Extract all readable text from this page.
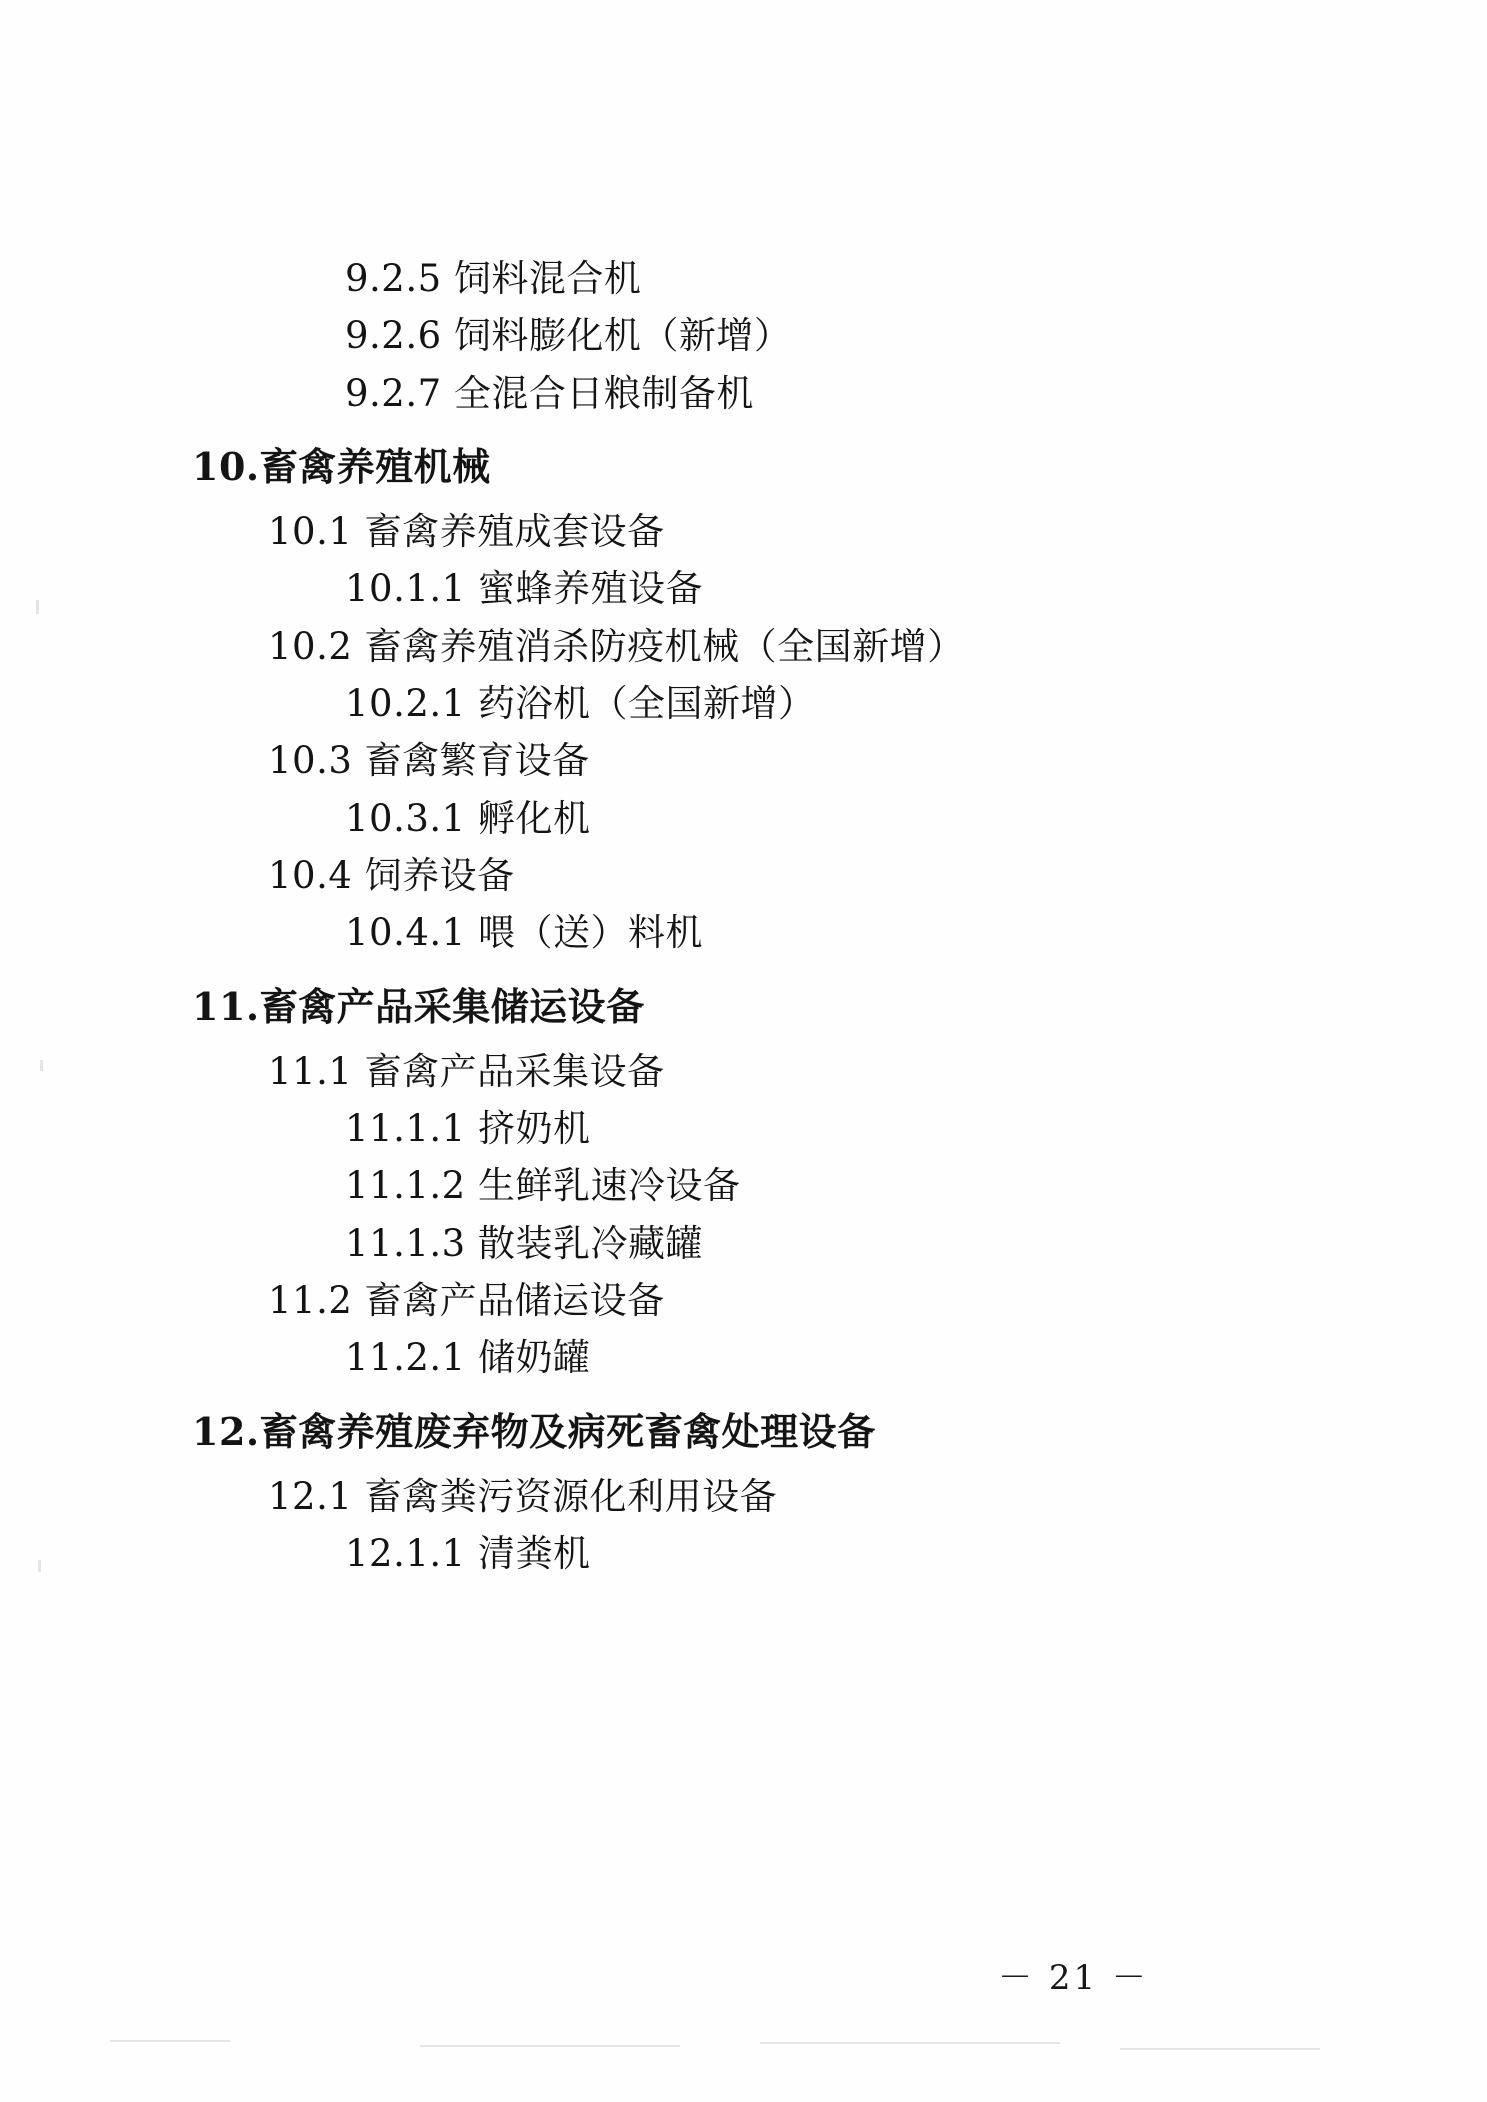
9.2.5 饲料混合机
9.2.6 饲料膨化机（新增）
9.2.7 全混合日粮制备机
10.畜禽养殖机械
10.1 畜禽养殖成套设备
10.1.1 蜜蜂养殖设备
10.2 畜禽养殖消杀防疫机械（全国新增）
10.2.1 药浴机（全国新增）
10.3 畜禽繁育设备
10.3.1 孵化机
10.4 饲养设备
10.4.1 喂（送）料机
11.畜禽产品采集储运设备
11.1 畜禽产品采集设备
11.1.1 挤奶机
11.1.2 生鲜乳速冷设备
11.1.3 散装乳冷藏罐
11.2 畜禽产品储运设备
11.2.1 储奶罐
12.畜禽养殖废弃物及病死畜禽处理设备
12.1 畜禽粪污资源化利用设备
12.1.1 清粪机
－ 21 －
